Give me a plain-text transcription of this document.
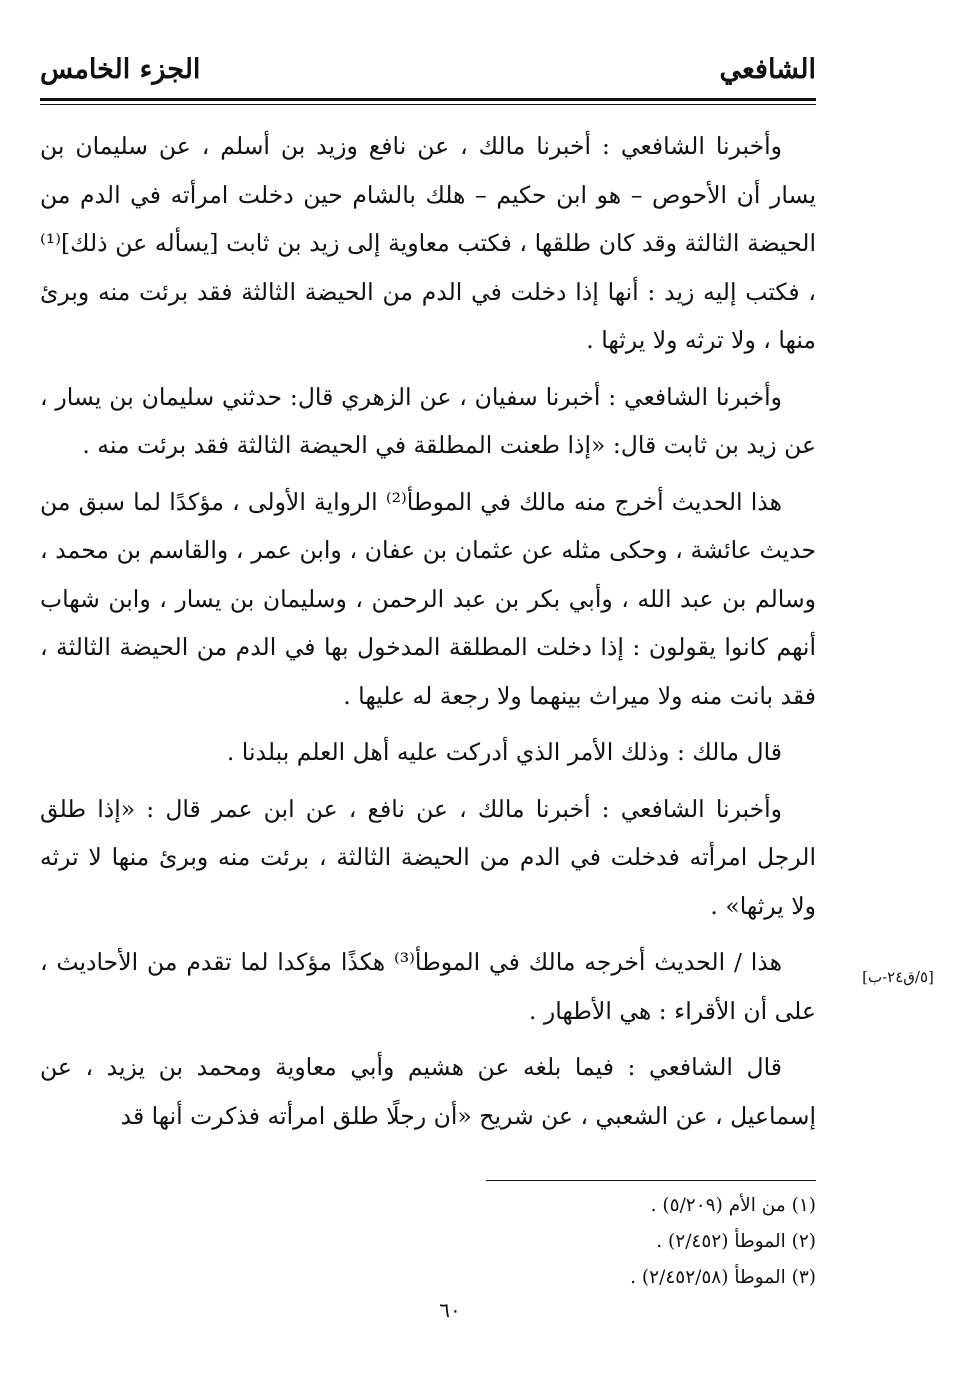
الشافعي
الجزء الخامس

وأخبرنا الشافعي : أخبرنا مالك ، عن نافع وزيد بن أسلم ، عن سليمان بن يسار أن الأحوص – هو ابن حكيم – هلك بالشام حين دخلت امرأته في الدم من الحيضة الثالثة وقد كان طلقها ، فكتب معاوية إلى زيد بن ثابت [يسأله عن ذلك]⁽¹⁾ ، فكتب إليه زيد : أنها إذا دخلت في الدم من الحيضة الثالثة فقد برئت منه وبرئ منها ، ولا ترثه ولا يرثها .

وأخبرنا الشافعي : أخبرنا سفيان ، عن الزهري قال: حدثني سليمان بن يسار ، عن زيد بن ثابت قال: «إذا طعنت المطلقة في الحيضة الثالثة فقد برئت منه .

هذا الحديث أخرج منه مالك في الموطأ⁽²⁾ الرواية الأولى ، مؤكدًا لما سبق من حديث عائشة ، وحكى مثله عن عثمان بن عفان ، وابن عمر ، والقاسم بن محمد ، وسالم بن عبد الله ، وأبي بكر بن عبد الرحمن ، وسليمان بن يسار ، وابن شهاب أنهم كانوا يقولون : إذا دخلت المطلقة المدخول بها في الدم من الحيضة الثالثة ، فقد بانت منه ولا ميراث بينهما ولا رجعة له عليها .

قال مالك : وذلك الأمر الذي أدركت عليه أهل العلم ببلدنا .

وأخبرنا الشافعي : أخبرنا مالك ، عن نافع ، عن ابن عمر قال : «إذا طلق الرجل امرأته فدخلت في الدم من الحيضة الثالثة ، برئت منه وبرئ منها لا ترثه ولا يرثها» .

هذا / الحديث أخرجه مالك في الموطأ⁽³⁾ هكذًا مؤكدا لما تقدم من الأحاديث ، على أن الأقراء : هي الأطهار .

قال الشافعي : فيما بلغه عن هشيم وأبي معاوية ومحمد بن يزيد ، عن إسماعيل ، عن الشعبي ، عن شريح «أن رجلًا طلق امرأته فذكرت أنها قد

[٥/ق٢٤-ب]
(١) من الأم (٥/٢٠٩) .
(٢) الموطأ (٢/٤٥٢) .
(٣) الموطأ (٢/٤٥٢/٥٨) .
٦٠
